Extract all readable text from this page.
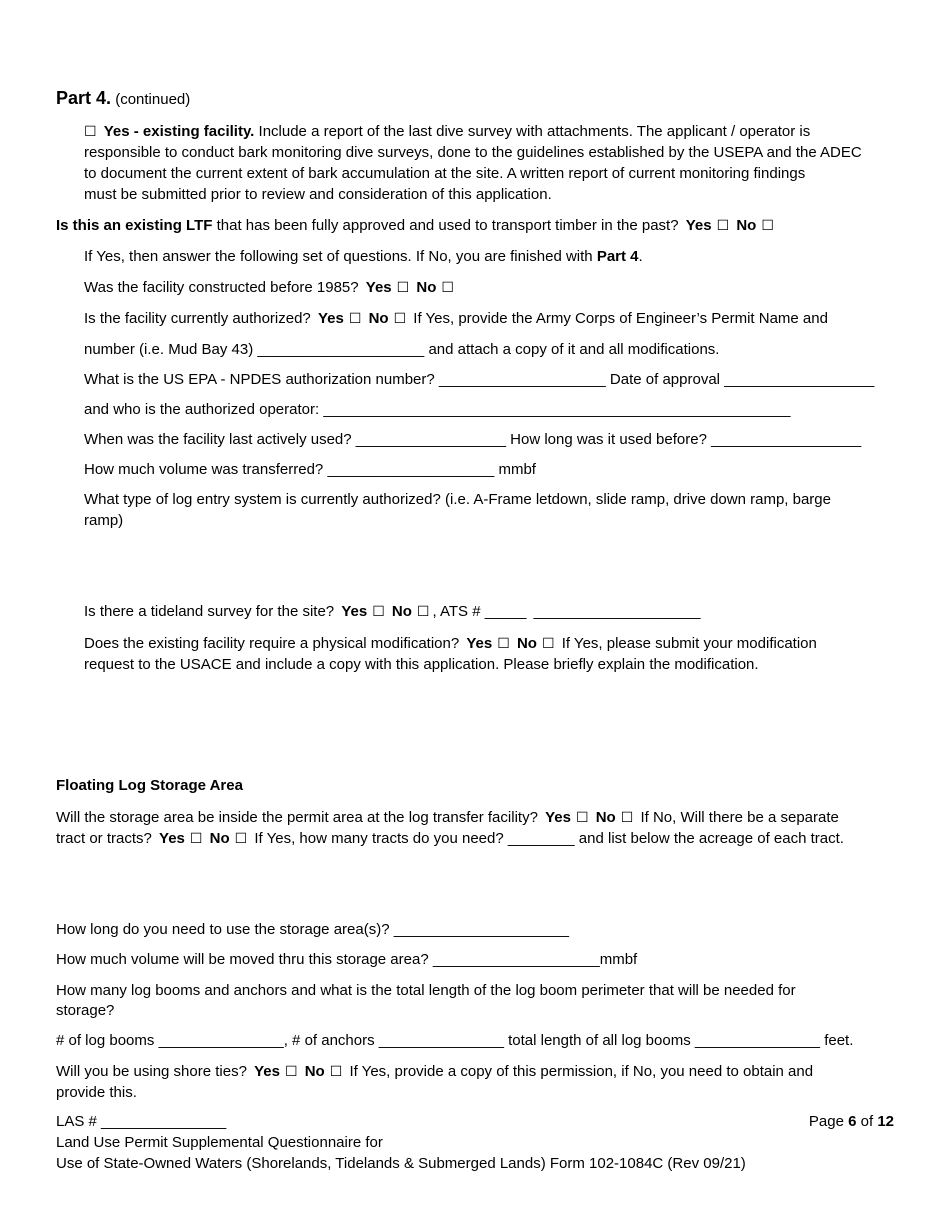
Part 4. (continued)
☐ Yes - existing facility. Include a report of the last dive survey with attachments. The applicant / operator is
responsible to conduct bark monitoring dive surveys, done to the guidelines established by the USEPA and the ADEC
to document the current extent of bark accumulation at the site. A written report of current monitoring findings
must be submitted prior to review and consideration of this application.
Is this an existing LTF that has been fully approved and used to transport timber in the past? Yes ☐ No ☐
If Yes, then answer the following set of questions. If No, you are finished with Part 4.
Was the facility constructed before 1985? Yes ☐ No ☐
Is the facility currently authorized? Yes ☐ No ☐ If Yes, provide the Army Corps of Engineer’s Permit Name and
number (i.e. Mud Bay 43) ____________________ and attach a copy of it and all modifications.
What is the US EPA - NPDES authorization number? ____________________ Date of approval __________________
and who is the authorized operator: ________________________________________________________
When was the facility last actively used? __________________ How long was it used before? __________________
How much volume was transferred? ____________________ mmbf
What type of log entry system is currently authorized? (i.e. A-Frame letdown, slide ramp, drive down ramp, barge
ramp)
Is there a tideland survey for the site? Yes ☐ No ☐ , ATS # _____ ____________________
Does the existing facility require a physical modification? Yes ☐ No ☐ If Yes, please submit your modification
request to the USACE and include a copy with this application. Please briefly explain the modification.
Floating Log Storage Area
Will the storage area be inside the permit area at the log transfer facility? Yes ☐ No ☐ If No, Will there be a separate
tract or tracts? Yes ☐ No ☐ If Yes, how many tracts do you need? ________ and list below the acreage of each tract.
How long do you need to use the storage area(s)? _____________________
How much volume will be moved thru this storage area? ____________________mmbf
How many log booms and anchors and what is the total length of the log boom perimeter that will be needed for
storage?
# of log booms _______________, # of anchors _______________ total length of all log booms _______________ feet.
Will you be using shore ties? Yes ☐ No ☐ If Yes, provide a copy of this permission, if No, you need to obtain and
provide this.
LAS # _______________	Page 6 of 12
Land Use Permit Supplemental Questionnaire for
Use of State-Owned Waters (Shorelands, Tidelands & Submerged Lands) Form 102-1084C (Rev 09/21)
